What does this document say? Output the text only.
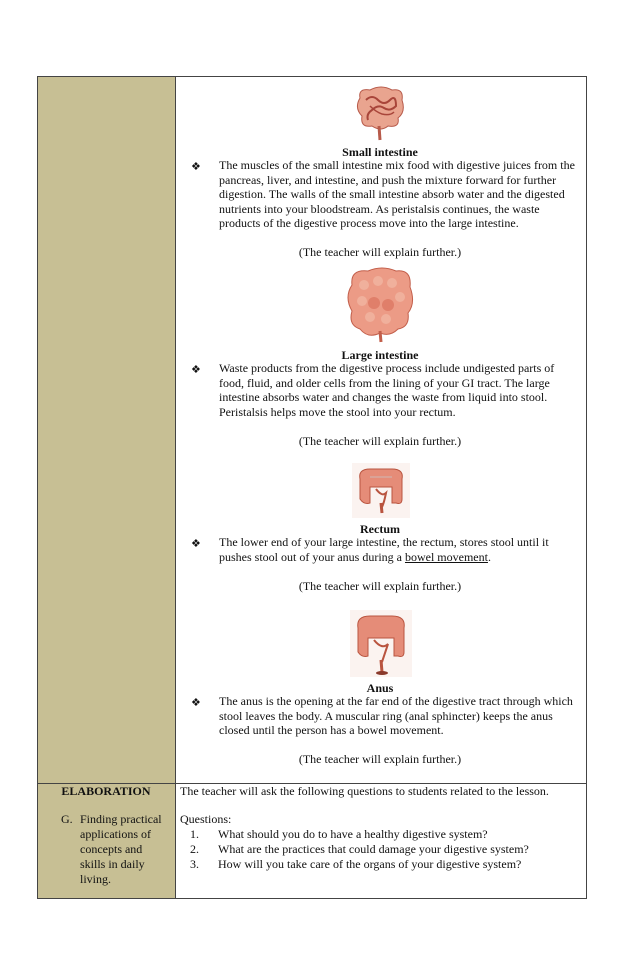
Small intestine
❖ The muscles of the small intestine mix food with digestive juices from the pancreas, liver, and intestine, and push the mixture forward for further digestion. The walls of the small intestine absorb water and the digested nutrients into your bloodstream. As peristalsis continues, the waste products of the digestive process move into the large intestine.
(The teacher will explain further.)
Large intestine
❖ Waste products from the digestive process include undigested parts of food, fluid, and older cells from the lining of your GI tract. The large intestine absorbs water and changes the waste from liquid into stool. Peristalsis helps move the stool into your rectum.
(The teacher will explain further.)
Rectum
❖ The lower end of your large intestine, the rectum, stores stool until it pushes stool out of your anus during a bowel movement.
(The teacher will explain further.)
Anus
❖ The anus is the opening at the far end of the digestive tract through which stool leaves the body. A muscular ring (anal sphincter) keeps the anus closed until the person has a bowel movement.
(The teacher will explain further.)
ELABORATION
G. Finding practical applications of concepts and skills in daily living.
The teacher will ask the following questions to students related to the lesson.
Questions:
1. What should you do to have a healthy digestive system?
2. What are the practices that could damage your digestive system?
3. How will you take care of the organs of your digestive system?
